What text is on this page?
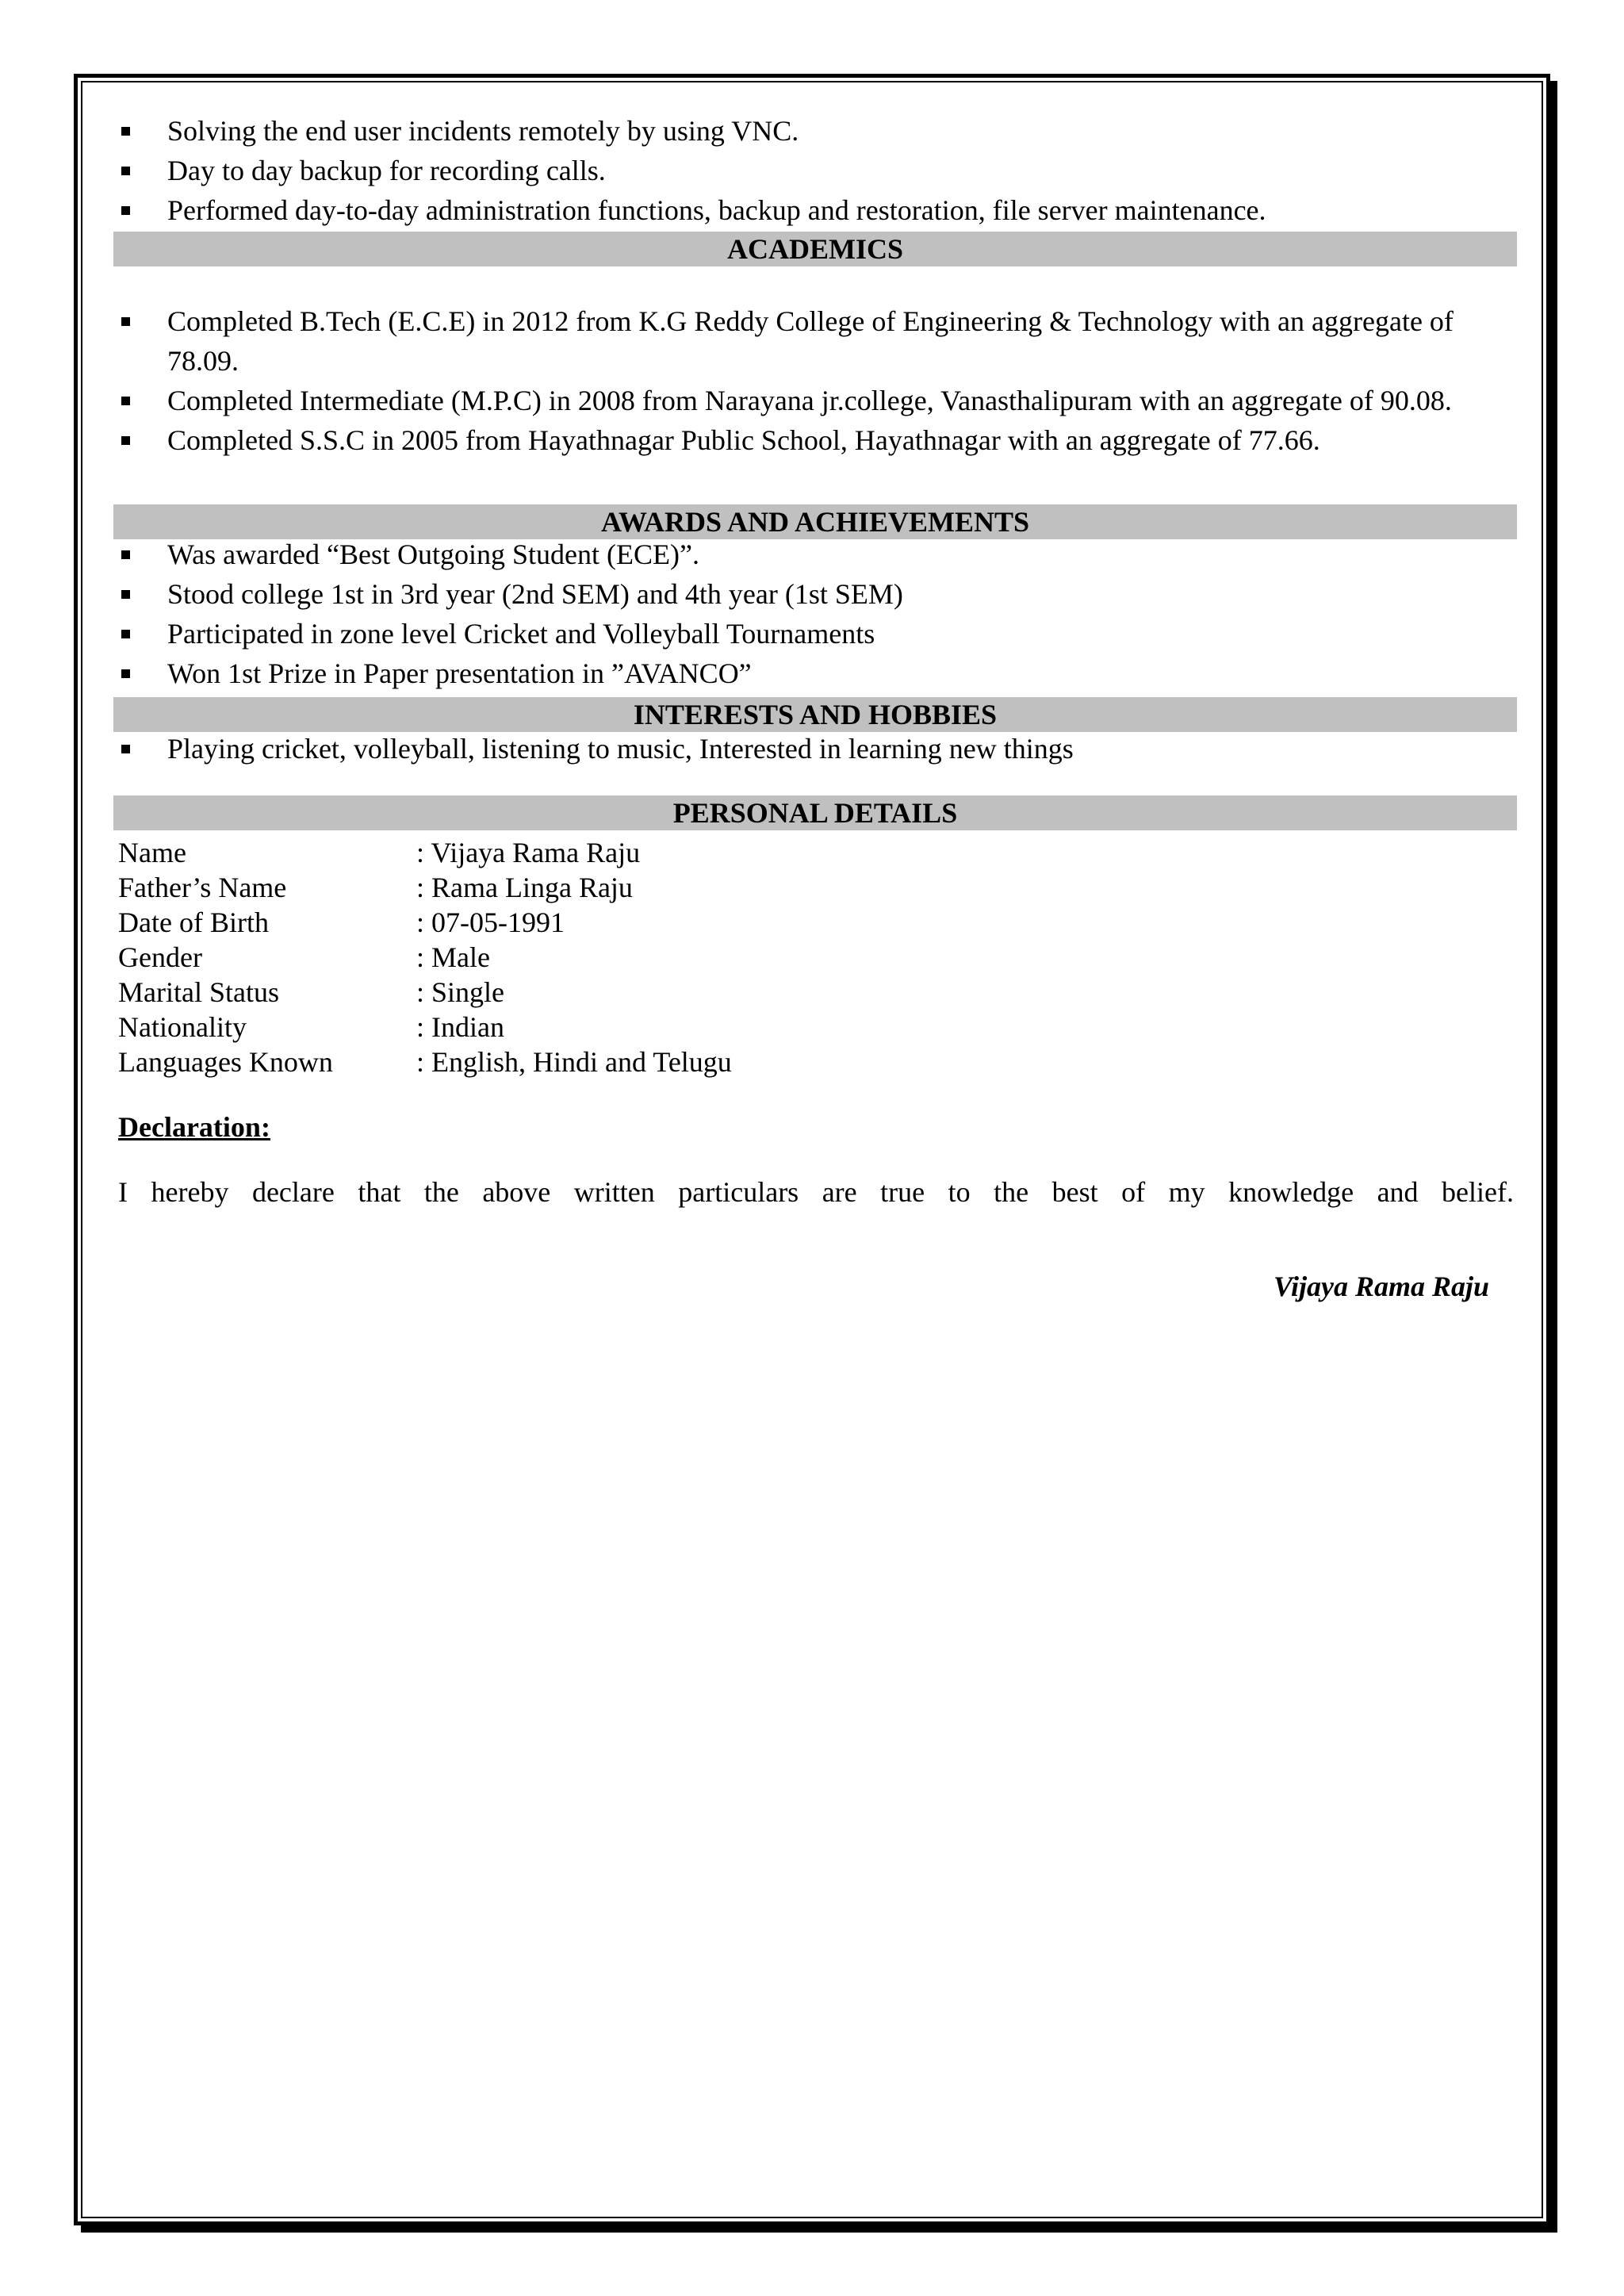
Solving the end user incidents remotely by using VNC.
Day to day backup for recording calls.
Performed day-to-day administration functions, backup and restoration, file server maintenance.
ACADEMICS
Completed B.Tech (E.C.E) in 2012 from K.G Reddy College of Engineering & Technology with an aggregate of 78.09.
Completed Intermediate (M.P.C) in 2008 from Narayana jr.college, Vanasthalipuram with an aggregate of 90.08.
Completed S.S.C in 2005 from Hayathnagar Public School, Hayathnagar with an aggregate of 77.66.
AWARDS AND ACHIEVEMENTS
Was awarded “Best Outgoing Student (ECE)”.
Stood college 1st in 3rd year (2nd SEM) and 4th year (1st SEM)
Participated in zone level Cricket and Volleyball Tournaments
Won 1st Prize in Paper presentation in ”AVANCO”
INTERESTS AND HOBBIES
Playing cricket, volleyball, listening to music, Interested in learning new things
PERSONAL DETAILS
Name	: Vijaya Rama Raju
Father’s Name	: Rama Linga Raju
Date of Birth	: 07-05-1991
Gender	: Male
Marital Status	: Single
Nationality	: Indian
Languages Known	: English, Hindi and Telugu
Declaration:
I hereby declare that the above written particulars are true to the best of my knowledge and belief.
Vijaya Rama Raju
